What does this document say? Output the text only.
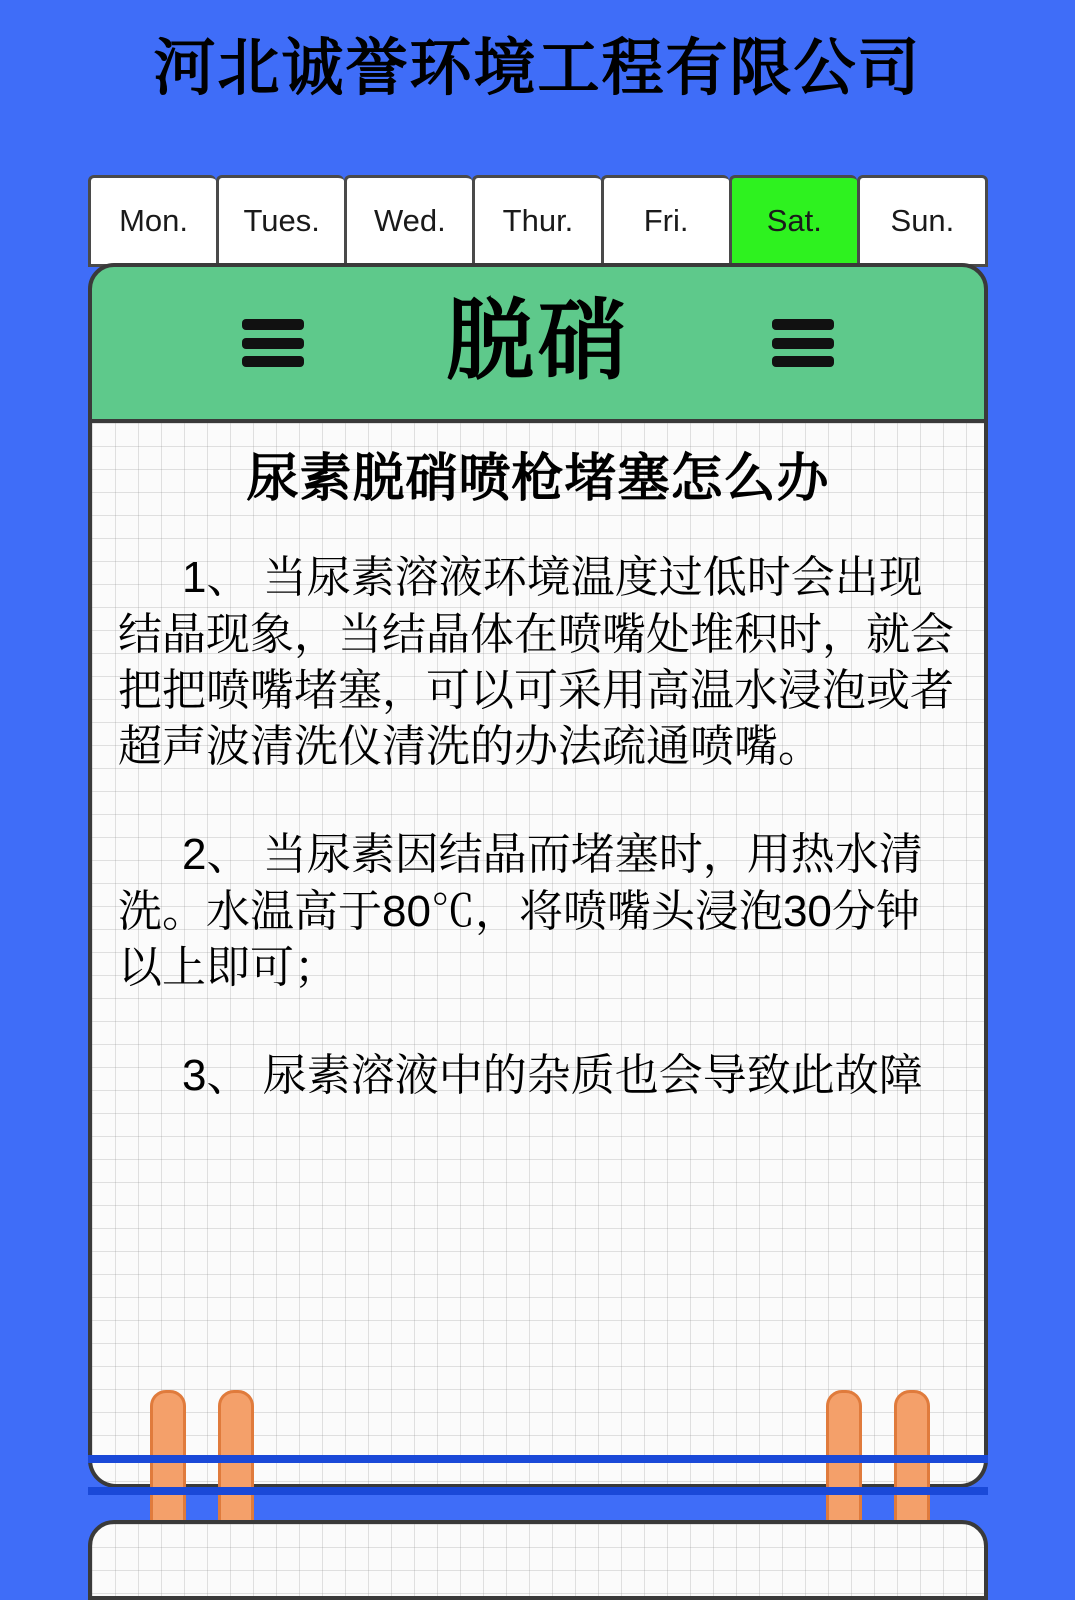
河北诚誉环境工程有限公司
Mon.	Tues.	Wed.	Thur.	Fri.	Sat.	Sun.
脱硝
尿素脱硝喷枪堵塞怎么办
1、 当尿素溶液环境温度过低时会出现结晶现象，当结晶体在喷嘴处堆积时，就会把把喷嘴堵塞，可以可采用高温水浸泡或者超声波清洗仪清洗的办法疏通喷嘴。
2、 当尿素因结晶而堵塞时，用热水清洗。水温高于80℃，将喷嘴头浸泡30分钟以上即可；
3、 尿素溶液中的杂质也会导致此故障
